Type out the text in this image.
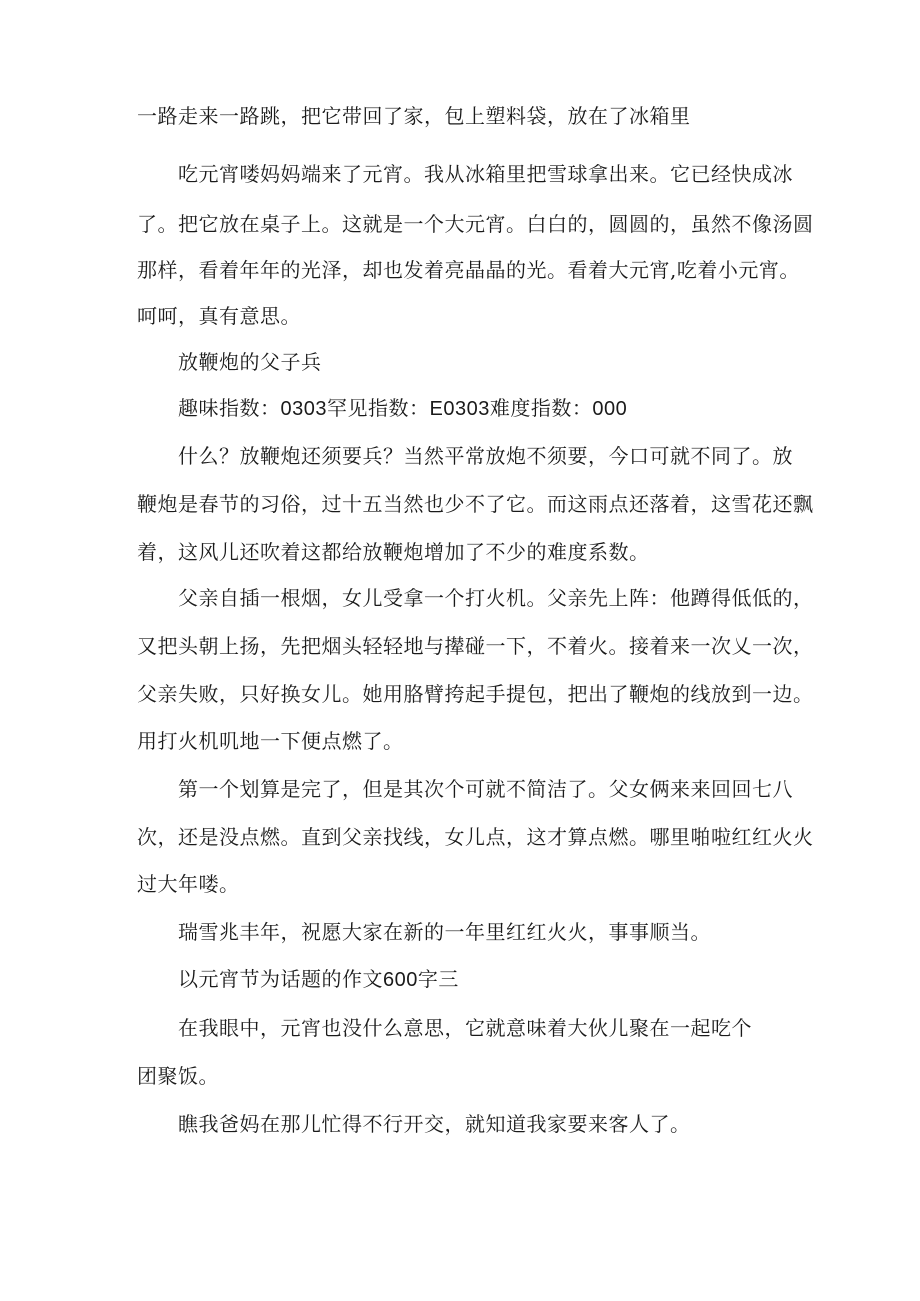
一路走来一路跳，把它带回了家，包上塑料袋，放在了冰箱里

吃元宵喽妈妈端来了元宵。我从冰箱里把雪球拿出来。它已经快成冰

了。把它放在桌子上。这就是一个大元宵。白白的，圆圆的，虽然不像汤圆

那样，看着年年的光泽，却也发着亮晶晶的光。看着大元宵,吃着小元宵。

呵呵，真有意思。

放鞭炮的父子兵

趣味指数：0303罕见指数：E0303难度指数：000

什么？放鞭炮还须要兵？当然平常放炮不须要，今口可就不同了。放

鞭炮是春节的习俗，过十五当然也少不了它。而这雨点还落着，这雪花还飘

着，这风儿还吹着这都给放鞭炮增加了不少的难度系数。

父亲自插一根烟，女儿受拿一个打火机。父亲先上阵：他蹲得低低的，

又把头朝上扬，先把烟头轻轻地与撵碰一下，不着火。接着来一次乂一次，

父亲失败，只好换女儿。她用胳臂挎起手提包，把出了鞭炮的线放到一边。

用打火机叽地一下便点燃了。

第一个划算是完了，但是其次个可就不简洁了。父女俩来来回回七八

次，还是没点燃。直到父亲找线，女儿点，这才算点燃。哪里啪啦红红火火

过大年喽。

瑞雪兆丰年，祝愿大家在新的一年里红红火火，事事顺当。

以元宵节为话题的作文600字三

在我眼中，元宵也没什么意思，它就意味着大伙儿聚在一起吃个

团聚饭。

瞧我爸妈在那儿忙得不行开交，就知道我家要来客人了。
